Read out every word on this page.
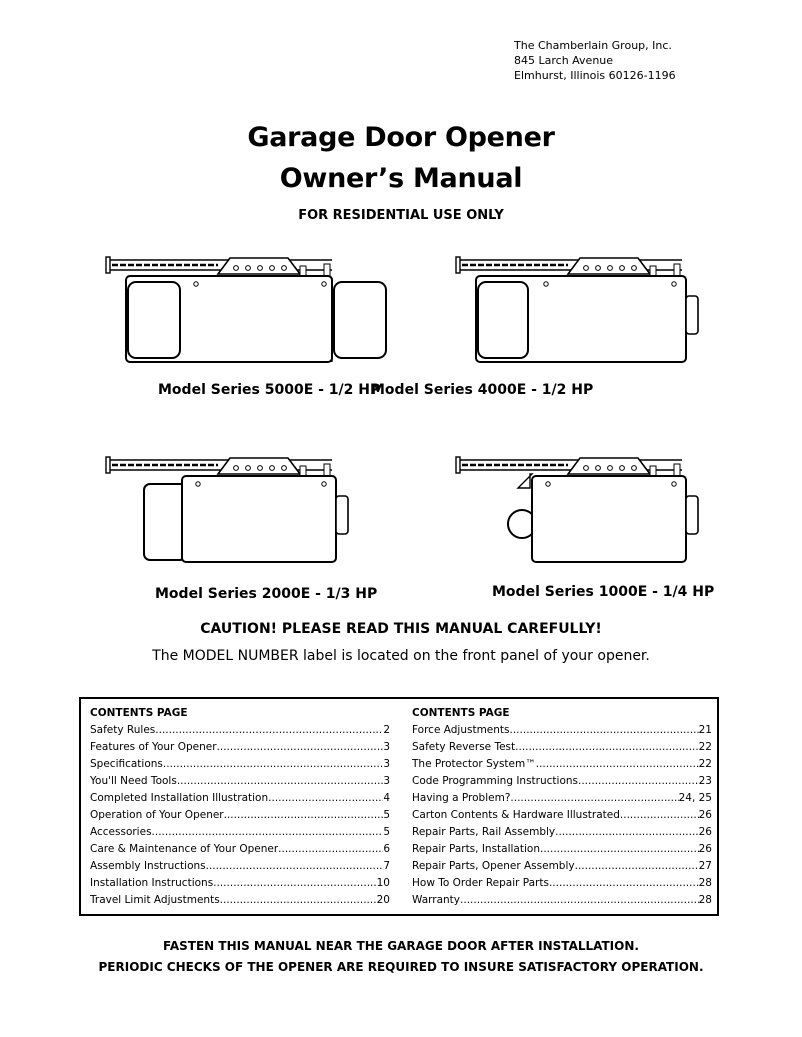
The Chamberlain Group, Inc.
845 Larch Avenue
Elmhurst, Illinois 60126-1196
Garage Door Opener
Owner’s Manual
FOR RESIDENTIAL USE ONLY
Model Series 5000E - 1/2 HP
Model Series 4000E - 1/2 HP
Model Series 2000E - 1/3 HP	Model Series 1000E - 1/4 HP
CAUTION! PLEASE READ THIS MANUAL CAREFULLY!
The MODEL NUMBER label is located on the front panel of your opener.
CONTENTS PAGE
Safety Rules .....	2
Features of Your Opener .....	3
Specifications .....	3
You'll Need Tools .....	3
Completed Installation Illustration .....	4
Operation of Your Opener .....	5
Accessories .....	5
Care & Maintenance of Your Opener .....	6
Assembly Instructions .....	7
Installation Instructions .....	10
Travel Limit Adjustments .....	20
CONTENTS PAGE
Force Adjustments .....	21
Safety Reverse Test .....	22
The Protector System™ .....	22
Code Programming Instructions .....	23
Having a Problem? .....	24, 25
Carton Contents & Hardware Illustrated .....	26
Repair Parts, Rail Assembly .....	26
Repair Parts, Installation .....	26
Repair Parts, Opener Assembly .....	27
How To Order Repair Parts .....	28
Warranty .....	28
FASTEN THIS MANUAL NEAR THE GARAGE DOOR AFTER INSTALLATION.
PERIODIC CHECKS OF THE OPENER ARE REQUIRED TO INSURE SATISFACTORY OPERATION.
